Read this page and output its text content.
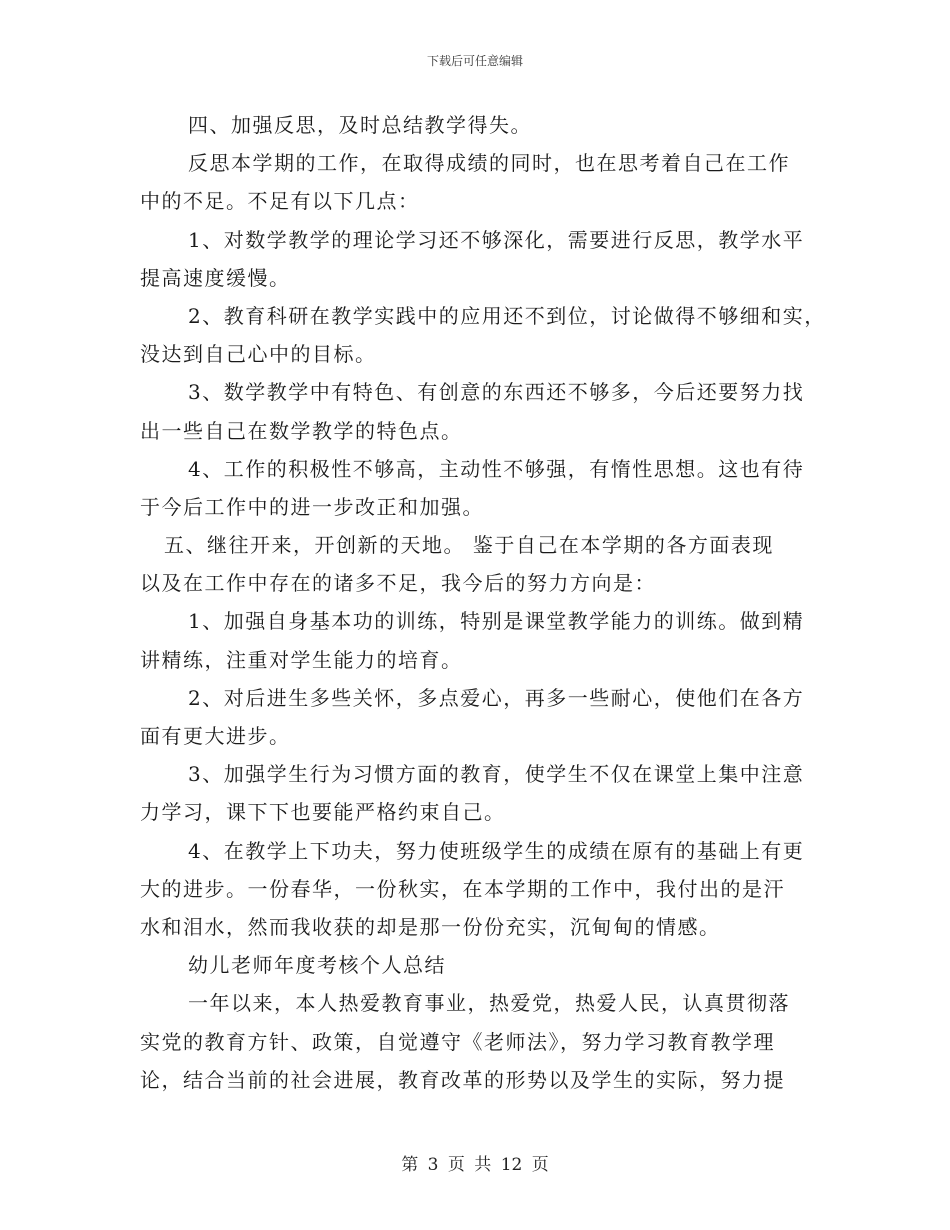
下载后可任意编辑
四、加强反思，及时总结教学得失。
反思本学期的工作，在取得成绩的同时，也在思考着自己在工作
中的不足。不足有以下几点：
1、对数学教学的理论学习还不够深化，需要进行反思，教学水平
提高速度缓慢。
2、教育科研在教学实践中的应用还不到位，讨论做得不够细和实，
没达到自己心中的目标。
3、数学教学中有特色、有创意的东西还不够多，今后还要努力找
出一些自己在数学教学的特色点。
4、工作的积极性不够高，主动性不够强，有惰性思想。这也有待
于今后工作中的进一步改正和加强。
五、继往开来，开创新的天地。 鉴于自己在本学期的各方面表现
以及在工作中存在的诸多不足，我今后的努力方向是：
1、加强自身基本功的训练，特别是课堂教学能力的训练。做到精
讲精练，注重对学生能力的培育。
2、对后进生多些关怀，多点爱心，再多一些耐心，使他们在各方
面有更大进步。
3、加强学生行为习惯方面的教育，使学生不仅在课堂上集中注意
力学习，课下下也要能严格约束自己。
4、在教学上下功夫，努力使班级学生的成绩在原有的基础上有更
大的进步。一份春华，一份秋实，在本学期的工作中，我付出的是汗
水和泪水，然而我收获的却是那一份份充实，沉甸甸的情感。
幼儿老师年度考核个人总结
一年以来，本人热爱教育事业，热爱党，热爱人民，认真贯彻落
实党的教育方针、政策，自觉遵守《老师法》，努力学习教育教学理
论，结合当前的社会进展，教育改革的形势以及学生的实际，努力提
第 3 页 共 12 页
